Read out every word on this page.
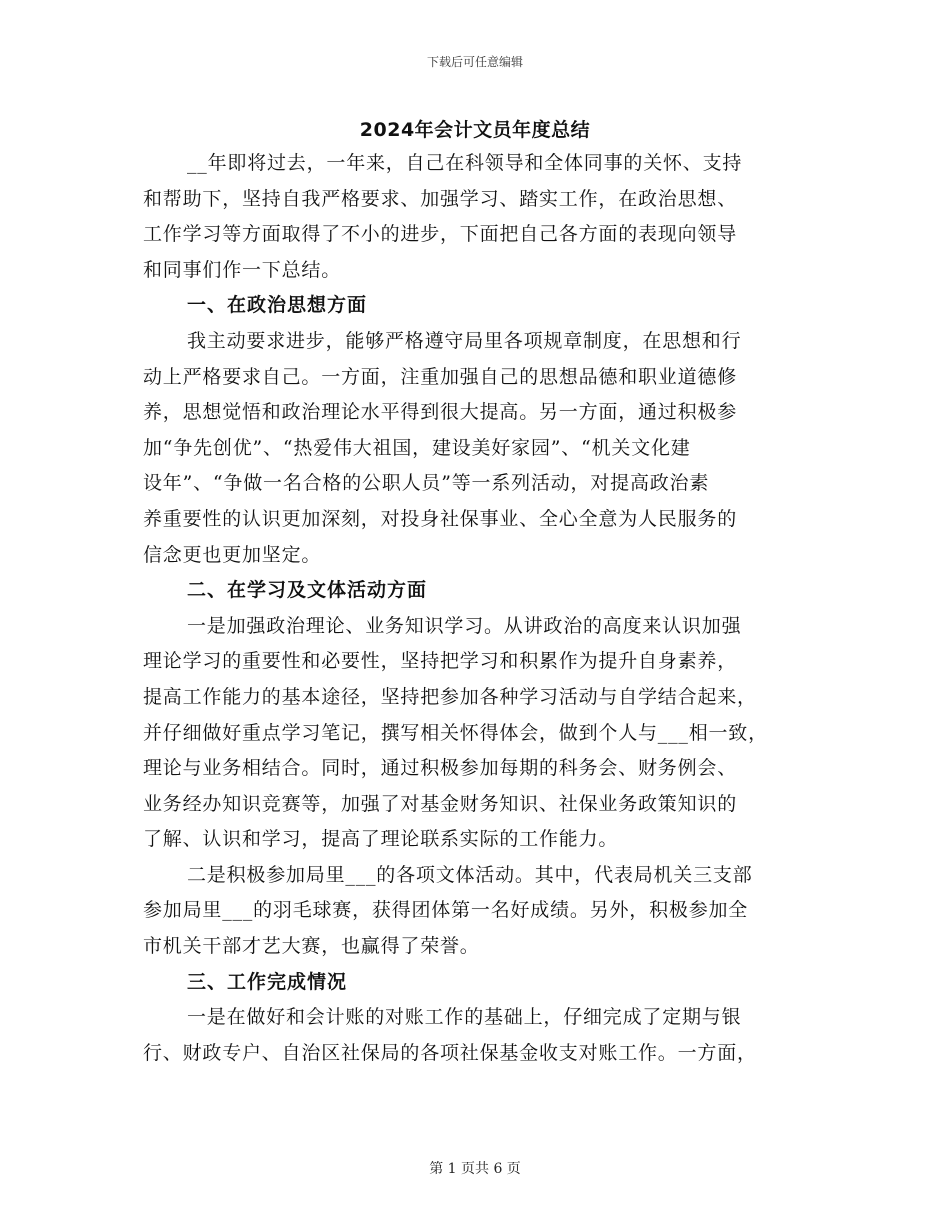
下载后可任意编辑
2024年会计文员年度总结
__年即将过去，一年来，自己在科领导和全体同事的关怀、支持
和帮助下，坚持自我严格要求、加强学习、踏实工作，在政治思想、
工作学习等方面取得了不小的进步，下面把自己各方面的表现向领导
和同事们作一下总结。
一、在政治思想方面
我主动要求进步，能够严格遵守局里各项规章制度，在思想和行
动上严格要求自己。一方面，注重加强自己的思想品德和职业道德修
养，思想觉悟和政治理论水平得到很大提高。另一方面，通过积极参
加“争先创优”、“热爱伟大祖国，建设美好家园”、“机关文化建
设年”、“争做一名合格的公职人员”等一系列活动，对提高政治素
养重要性的认识更加深刻，对投身社保事业、全心全意为人民服务的
信念更也更加坚定。
二、在学习及文体活动方面
一是加强政治理论、业务知识学习。从讲政治的高度来认识加强
理论学习的重要性和必要性，坚持把学习和积累作为提升自身素养，
提高工作能力的基本途径，坚持把参加各种学习活动与自学结合起来，
并仔细做好重点学习笔记，撰写相关怀得体会，做到个人与___相一致，
理论与业务相结合。同时，通过积极参加每期的科务会、财务例会、
业务经办知识竞赛等，加强了对基金财务知识、社保业务政策知识的
了解、认识和学习，提高了理论联系实际的工作能力。
二是积极参加局里___的各项文体活动。其中，代表局机关三支部
参加局里___的羽毛球赛，获得团体第一名好成绩。另外，积极参加全
市机关干部才艺大赛，也赢得了荣誉。
三、工作完成情况
一是在做好和会计账的对账工作的基础上，仔细完成了定期与银
行、财政专户、自治区社保局的各项社保基金收支对账工作。一方面，
第 1 页共 6 页
